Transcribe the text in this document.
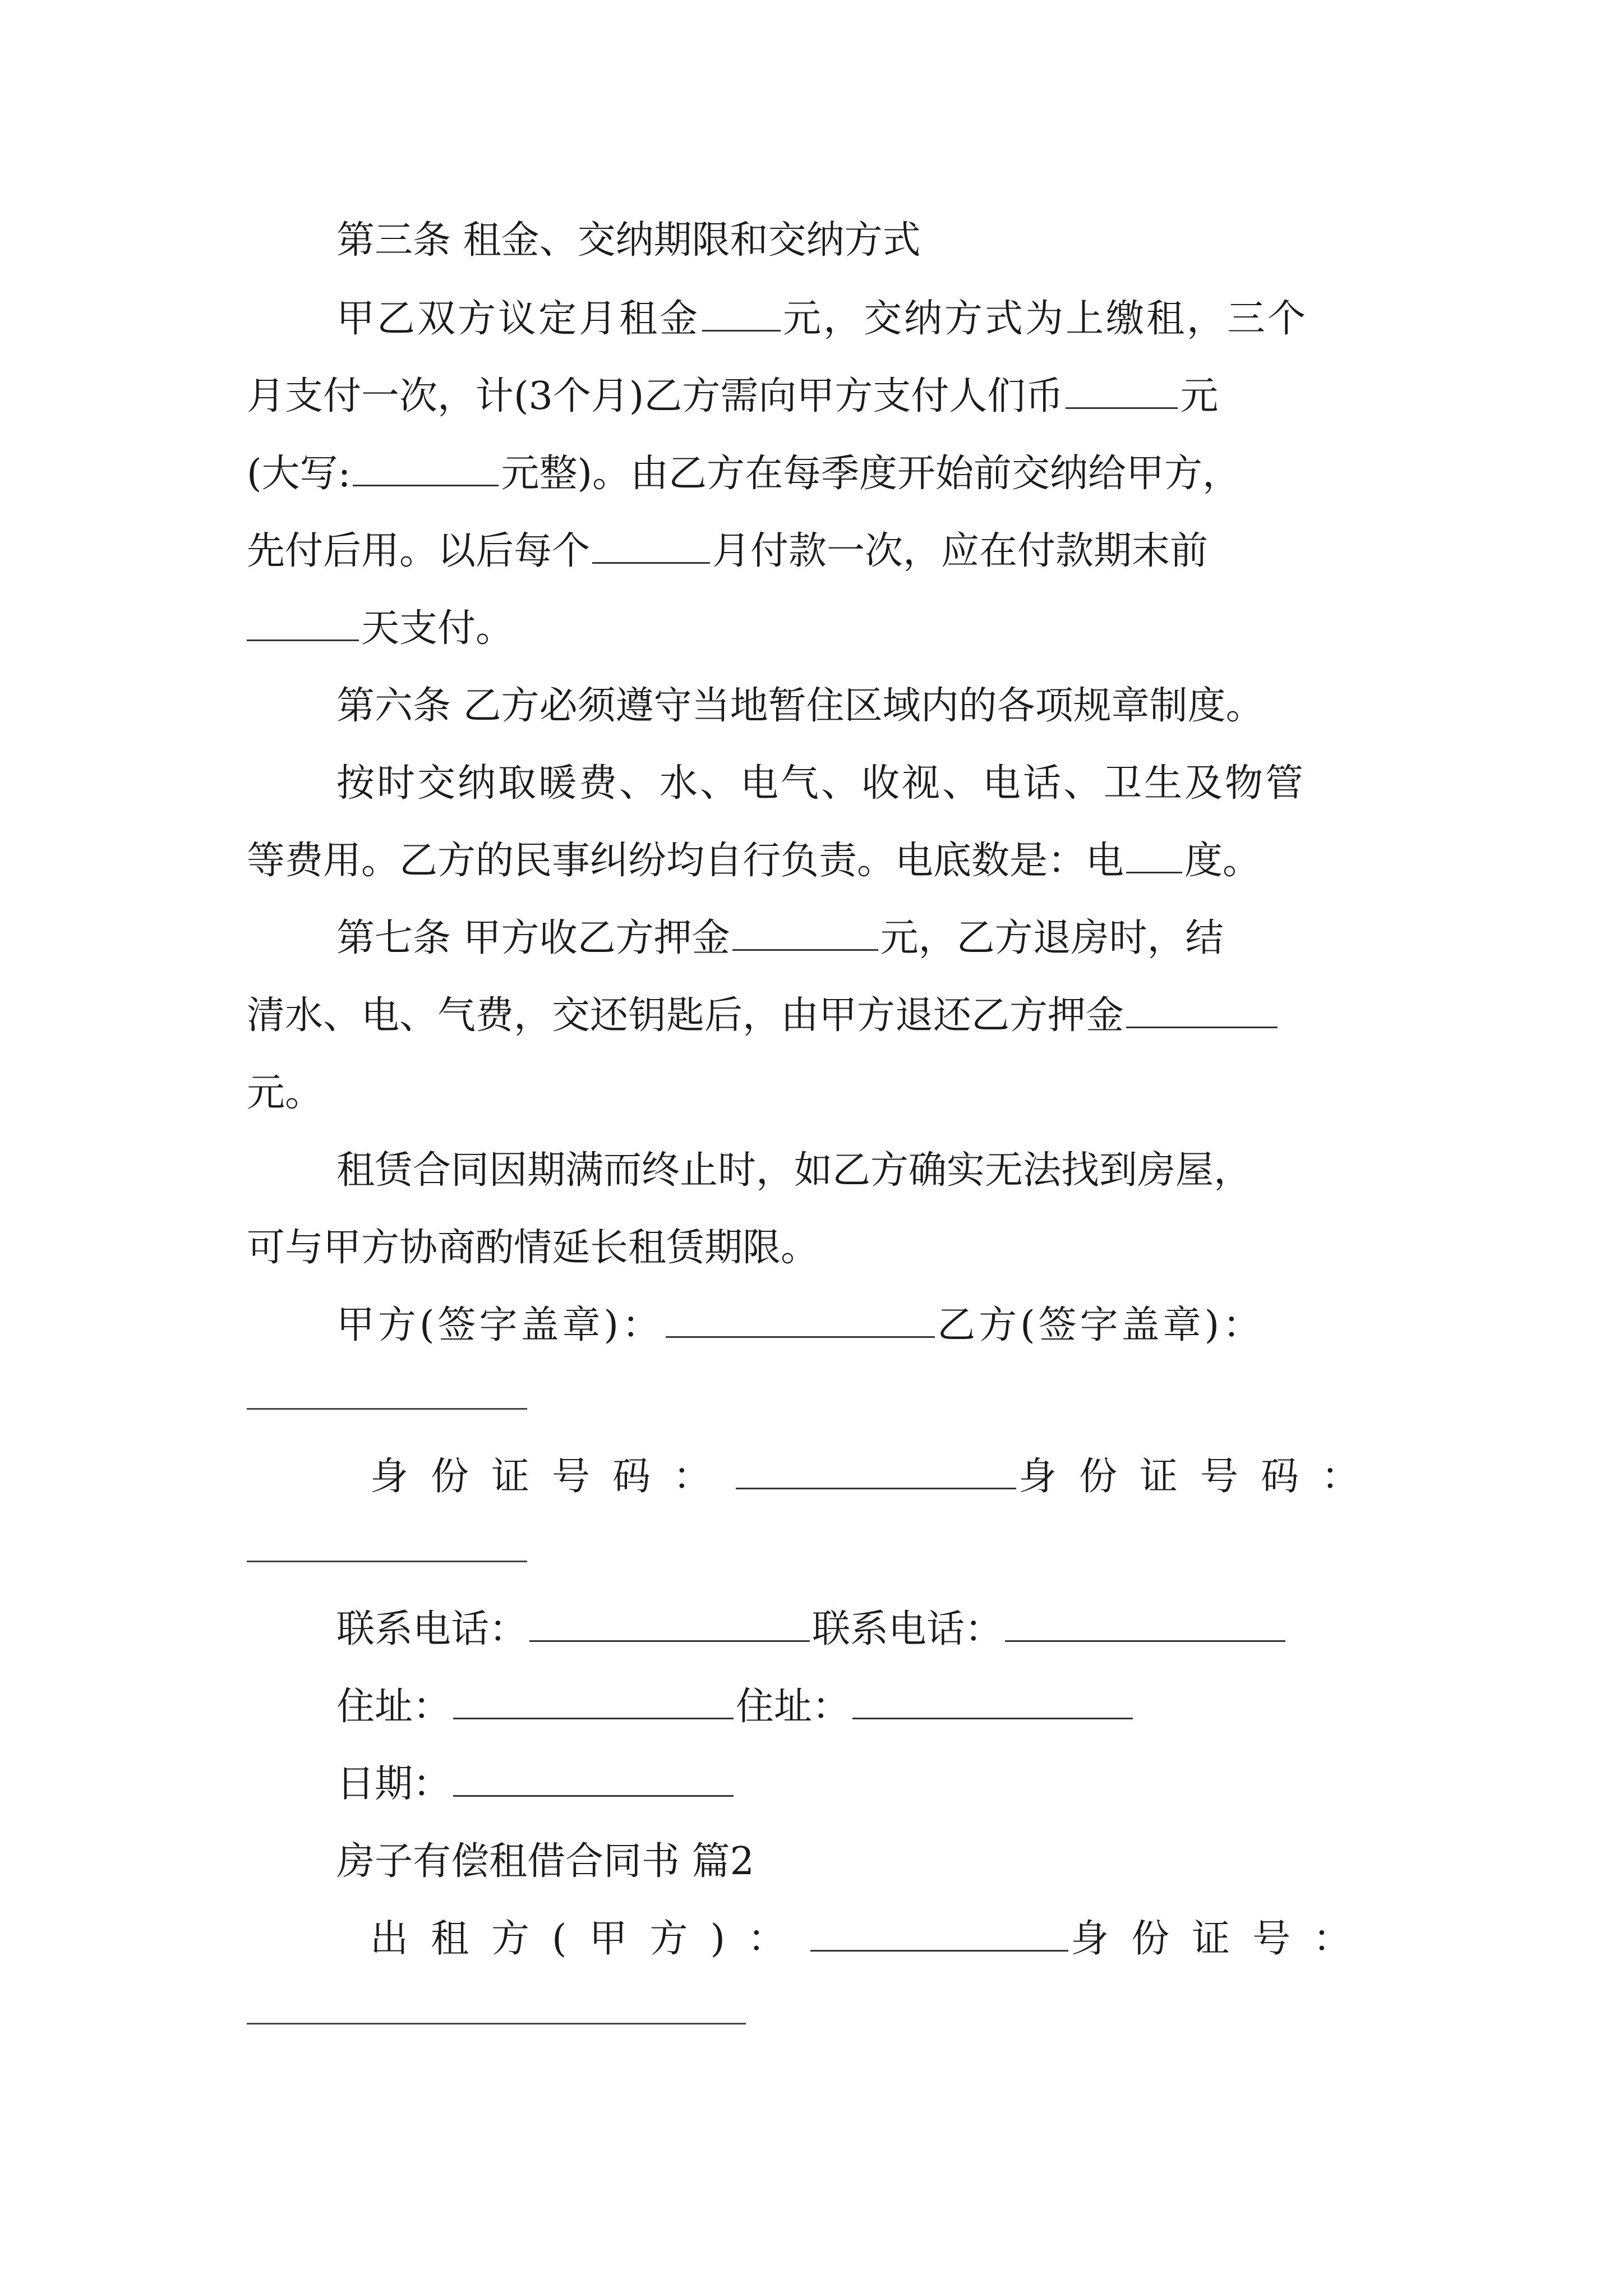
第三条 租金、交纳期限和交纳方式
甲乙双方议定月租金 元，交纳方式为上缴租，三个
月支付一次，计(3个月)乙方需向甲方支付人们币	元
(大写:	元整)。由乙方在每季度开始前交纳给甲方，
先付后用。以后每个	月付款一次，应在付款期末前
天支付。
第六条 乙方必须遵守当地暂住区域内的各项规章制度。
按时交纳取暖费、水、电气、收视、电话、卫生及物管
等费用。乙方的民事纠纷均自行负责。电底数是：电 度。
第七条 甲方收乙方押金	元，乙方退房时，结
清水、电、气费，交还钥匙后，由甲方退还乙方押金
元。
租赁合同因期满而终止时，如乙方确实无法找到房屋，
可与甲方协商酌情延长租赁期限。
甲方(签字盖章)：	乙方(签字盖章)：
身份证号码：	身份证号码：
联系电话：	联系电话：
住址：	住址：
日期：
房子有偿租借合同书 篇2
出租方(甲方)：	身份证号：
